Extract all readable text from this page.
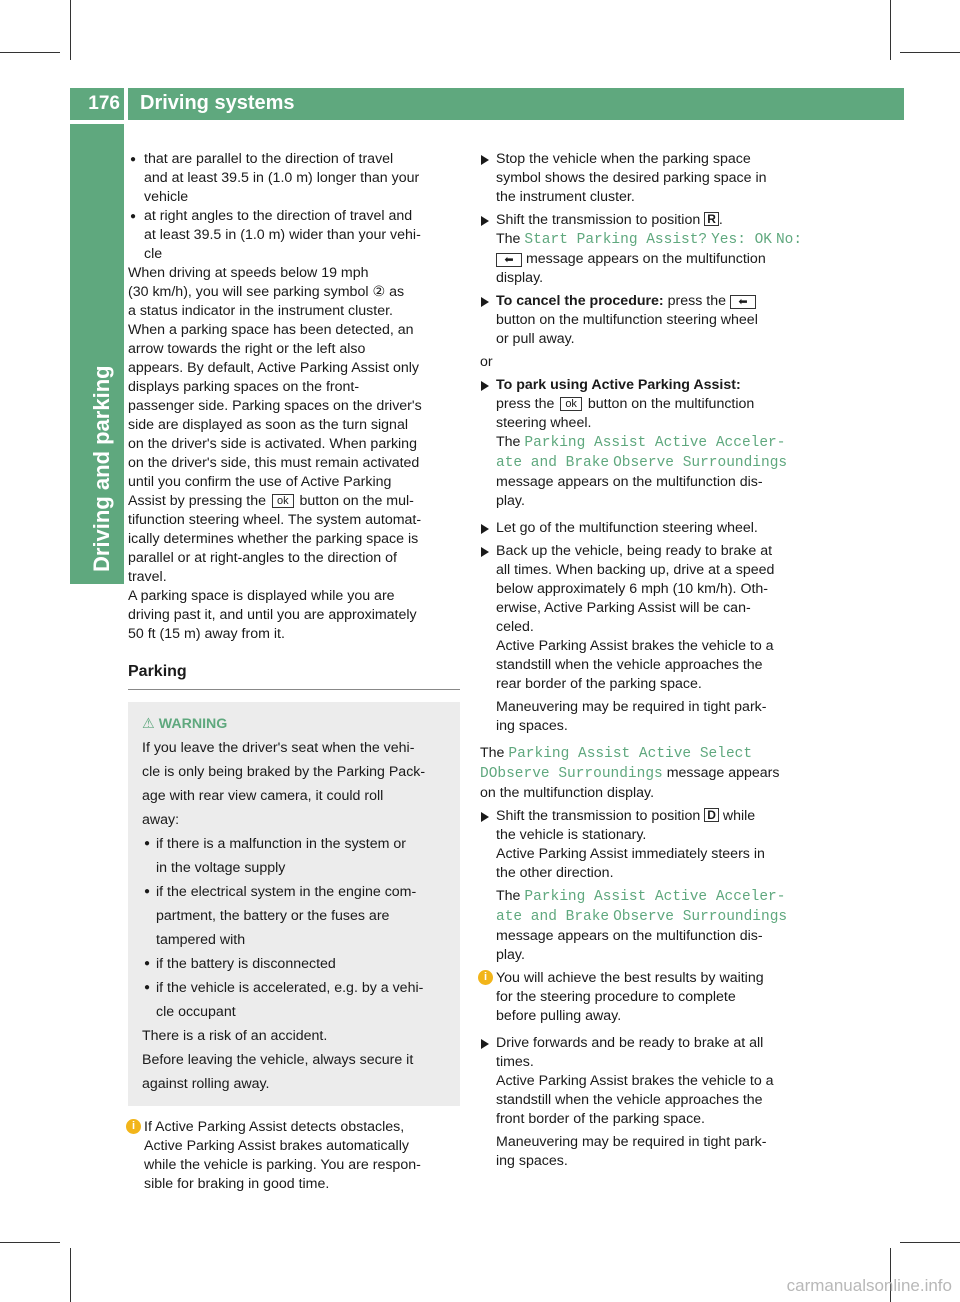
176 Driving systems
Driving and parking
● that are parallel to the direction of travel
and at least 39.5 in (1.0 m) longer than your
vehicle
● at right angles to the direction of travel and
at least 39.5 in (1.0 m) wider than your vehi-
cle
When driving at speeds below 19 mph
(30 km/h), you will see parking symbol ② as
a status indicator in the instrument cluster.
When a parking space has been detected, an
arrow towards the right or the left also
appears. By default, Active Parking Assist only
displays parking spaces on the front-
passenger side. Parking spaces on the driver's
side are displayed as soon as the turn signal
on the driver's side is activated. When parking
on the driver's side, this must remain activated
until you confirm the use of Active Parking
Assist by pressing the ok button on the mul-
tifunction steering wheel. The system automat-
ically determines whether the parking space is
parallel or at right-angles to the direction of
travel.
A parking space is displayed while you are
driving past it, and until you are approximately
50 ft (15 m) away from it.
Parking
⚠ WARNING
If you leave the driver's seat when the vehi-
cle is only being braked by the Parking Pack-
age with rear view camera, it could roll
away:
● if there is a malfunction in the system or
in the voltage supply
● if the electrical system in the engine com-
partment, the battery or the fuses are
tampered with
● if the battery is disconnected
● if the vehicle is accelerated, e.g. by a vehi-
cle occupant
There is a risk of an accident.
Before leaving the vehicle, always secure it
against rolling away.
i If Active Parking Assist detects obstacles,
Active Parking Assist brakes automatically
while the vehicle is parking. You are respon-
sible for braking in good time.
Stop the vehicle when the parking space
symbol shows the desired parking space in
the instrument cluster.
Shift the transmission to position R .
The Start Parking Assist? Yes: OK No:
⬅ message appears on the multifunction
display.
To cancel the procedure: press the ⬅
button on the multifunction steering wheel
or pull away.
or
To park using Active Parking Assist:
press the ok button on the multifunction
steering wheel.
The Parking Assist Active Acceler‐
ate and Brake Observe Surroundings
message appears on the multifunction dis-
play.
Let go of the multifunction steering wheel.
Back up the vehicle, being ready to brake at
all times. When backing up, drive at a speed
below approximately 6 mph (10 km/h). Oth-
erwise, Active Parking Assist will be can-
celed.
Active Parking Assist brakes the vehicle to a
standstill when the vehicle approaches the
rear border of the parking space.
Maneuvering may be required in tight park-
ing spaces.
The Parking Assist Active Select
DObserve Surroundings message appears
on the multifunction display.
Shift the transmission to position D while
the vehicle is stationary.
Active Parking Assist immediately steers in
the other direction.
The Parking Assist Active Acceler‐
ate and Brake Observe Surroundings
message appears on the multifunction dis-
play.
i You will achieve the best results by waiting
for the steering procedure to complete
before pulling away.
Drive forwards and be ready to brake at all
times.
Active Parking Assist brakes the vehicle to a
standstill when the vehicle approaches the
front border of the parking space.
Maneuvering may be required in tight park-
ing spaces.
carmanualsonline.info
